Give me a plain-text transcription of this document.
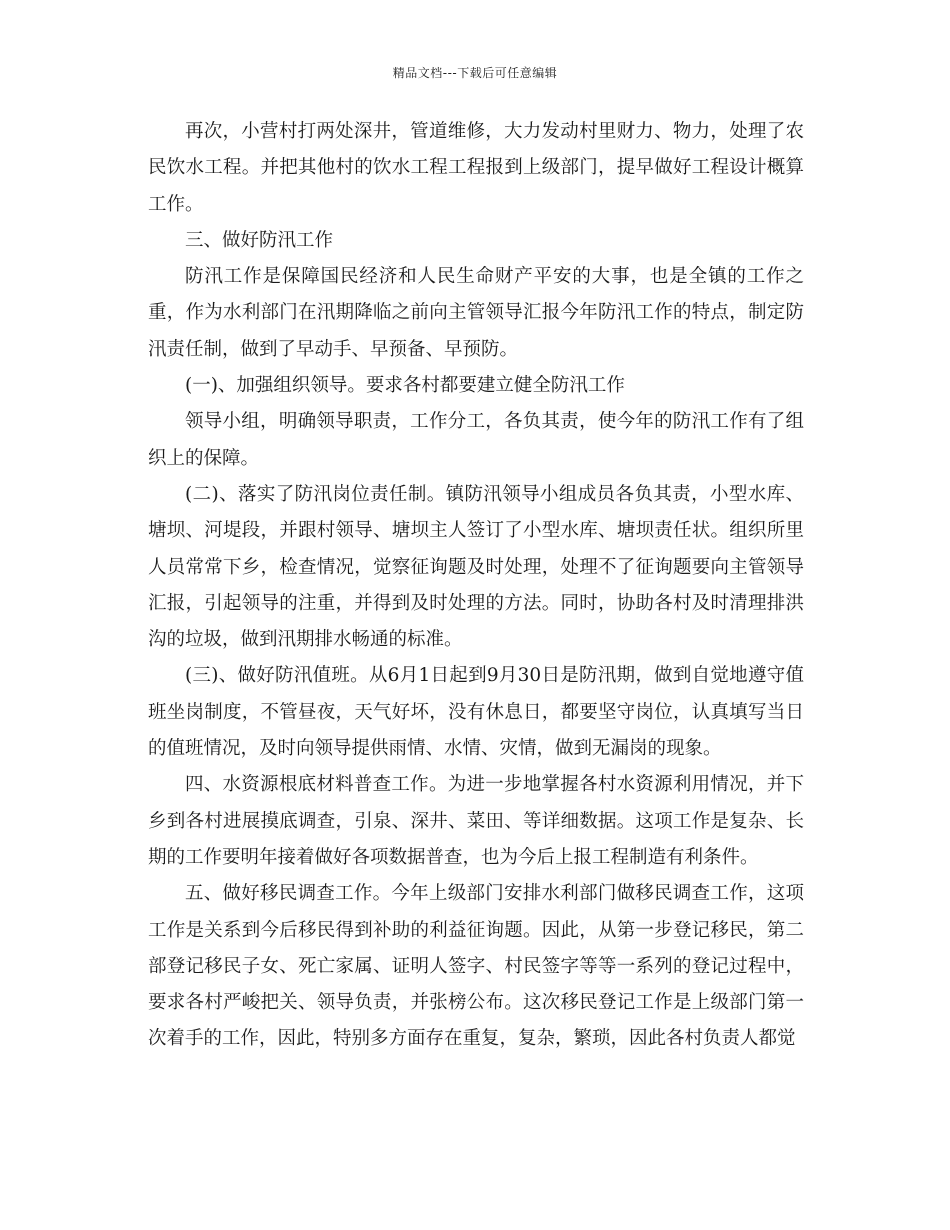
精品文档---下载后可任意编辑

再次，小营村打两处深井，管道维修，大力发动村里财力、物力，处理了农民饮水工程。并把其他村的饮水工程工程报到上级部门，提早做好工程设计概算工作。

三、做好防汛工作

防汛工作是保障国民经济和人民生命财产平安的大事，也是全镇的工作之重，作为水利部门在汛期降临之前向主管领导汇报今年防汛工作的特点，制定防汛责任制，做到了早动手、早预备、早预防。

(一)、加强组织领导。要求各村都要建立健全防汛工作

领导小组，明确领导职责，工作分工，各负其责，使今年的防汛工作有了组织上的保障。

(二)、落实了防汛岗位责任制。镇防汛领导小组成员各负其责，小型水库、塘坝、河堤段，并跟村领导、塘坝主人签订了小型水库、塘坝责任状。组织所里人员常常下乡，检查情况，觉察征询题及时处理，处理不了征询题要向主管领导汇报，引起领导的注重，并得到及时处理的方法。同时，协助各村及时清理排洪沟的垃圾，做到汛期排水畅通的标准。

(三)、做好防汛值班。从6月1日起到9月30日是防汛期，做到自觉地遵守值班坐岗制度，不管昼夜，天气好坏，没有休息日，都要坚守岗位，认真填写当日的值班情况，及时向领导提供雨情、水情、灾情，做到无漏岗的现象。

四、水资源根底材料普查工作。为进一步地掌握各村水资源利用情况，并下乡到各村进展摸底调查，引泉、深井、菜田、等详细数据。这项工作是复杂、长期的工作要明年接着做好各项数据普查，也为今后上报工程制造有利条件。

五、做好移民调查工作。今年上级部门安排水利部门做移民调查工作，这项工作是关系到今后移民得到补助的利益征询题。因此，从第一步登记移民，第二部登记移民子女、死亡家属、证明人签字、村民签字等等一系列的登记过程中，要求各村严峻把关、领导负责，并张榜公布。这次移民登记工作是上级部门第一次着手的工作，因此，特别多方面存在重复，复杂，繁琐，因此各村负责人都觉
